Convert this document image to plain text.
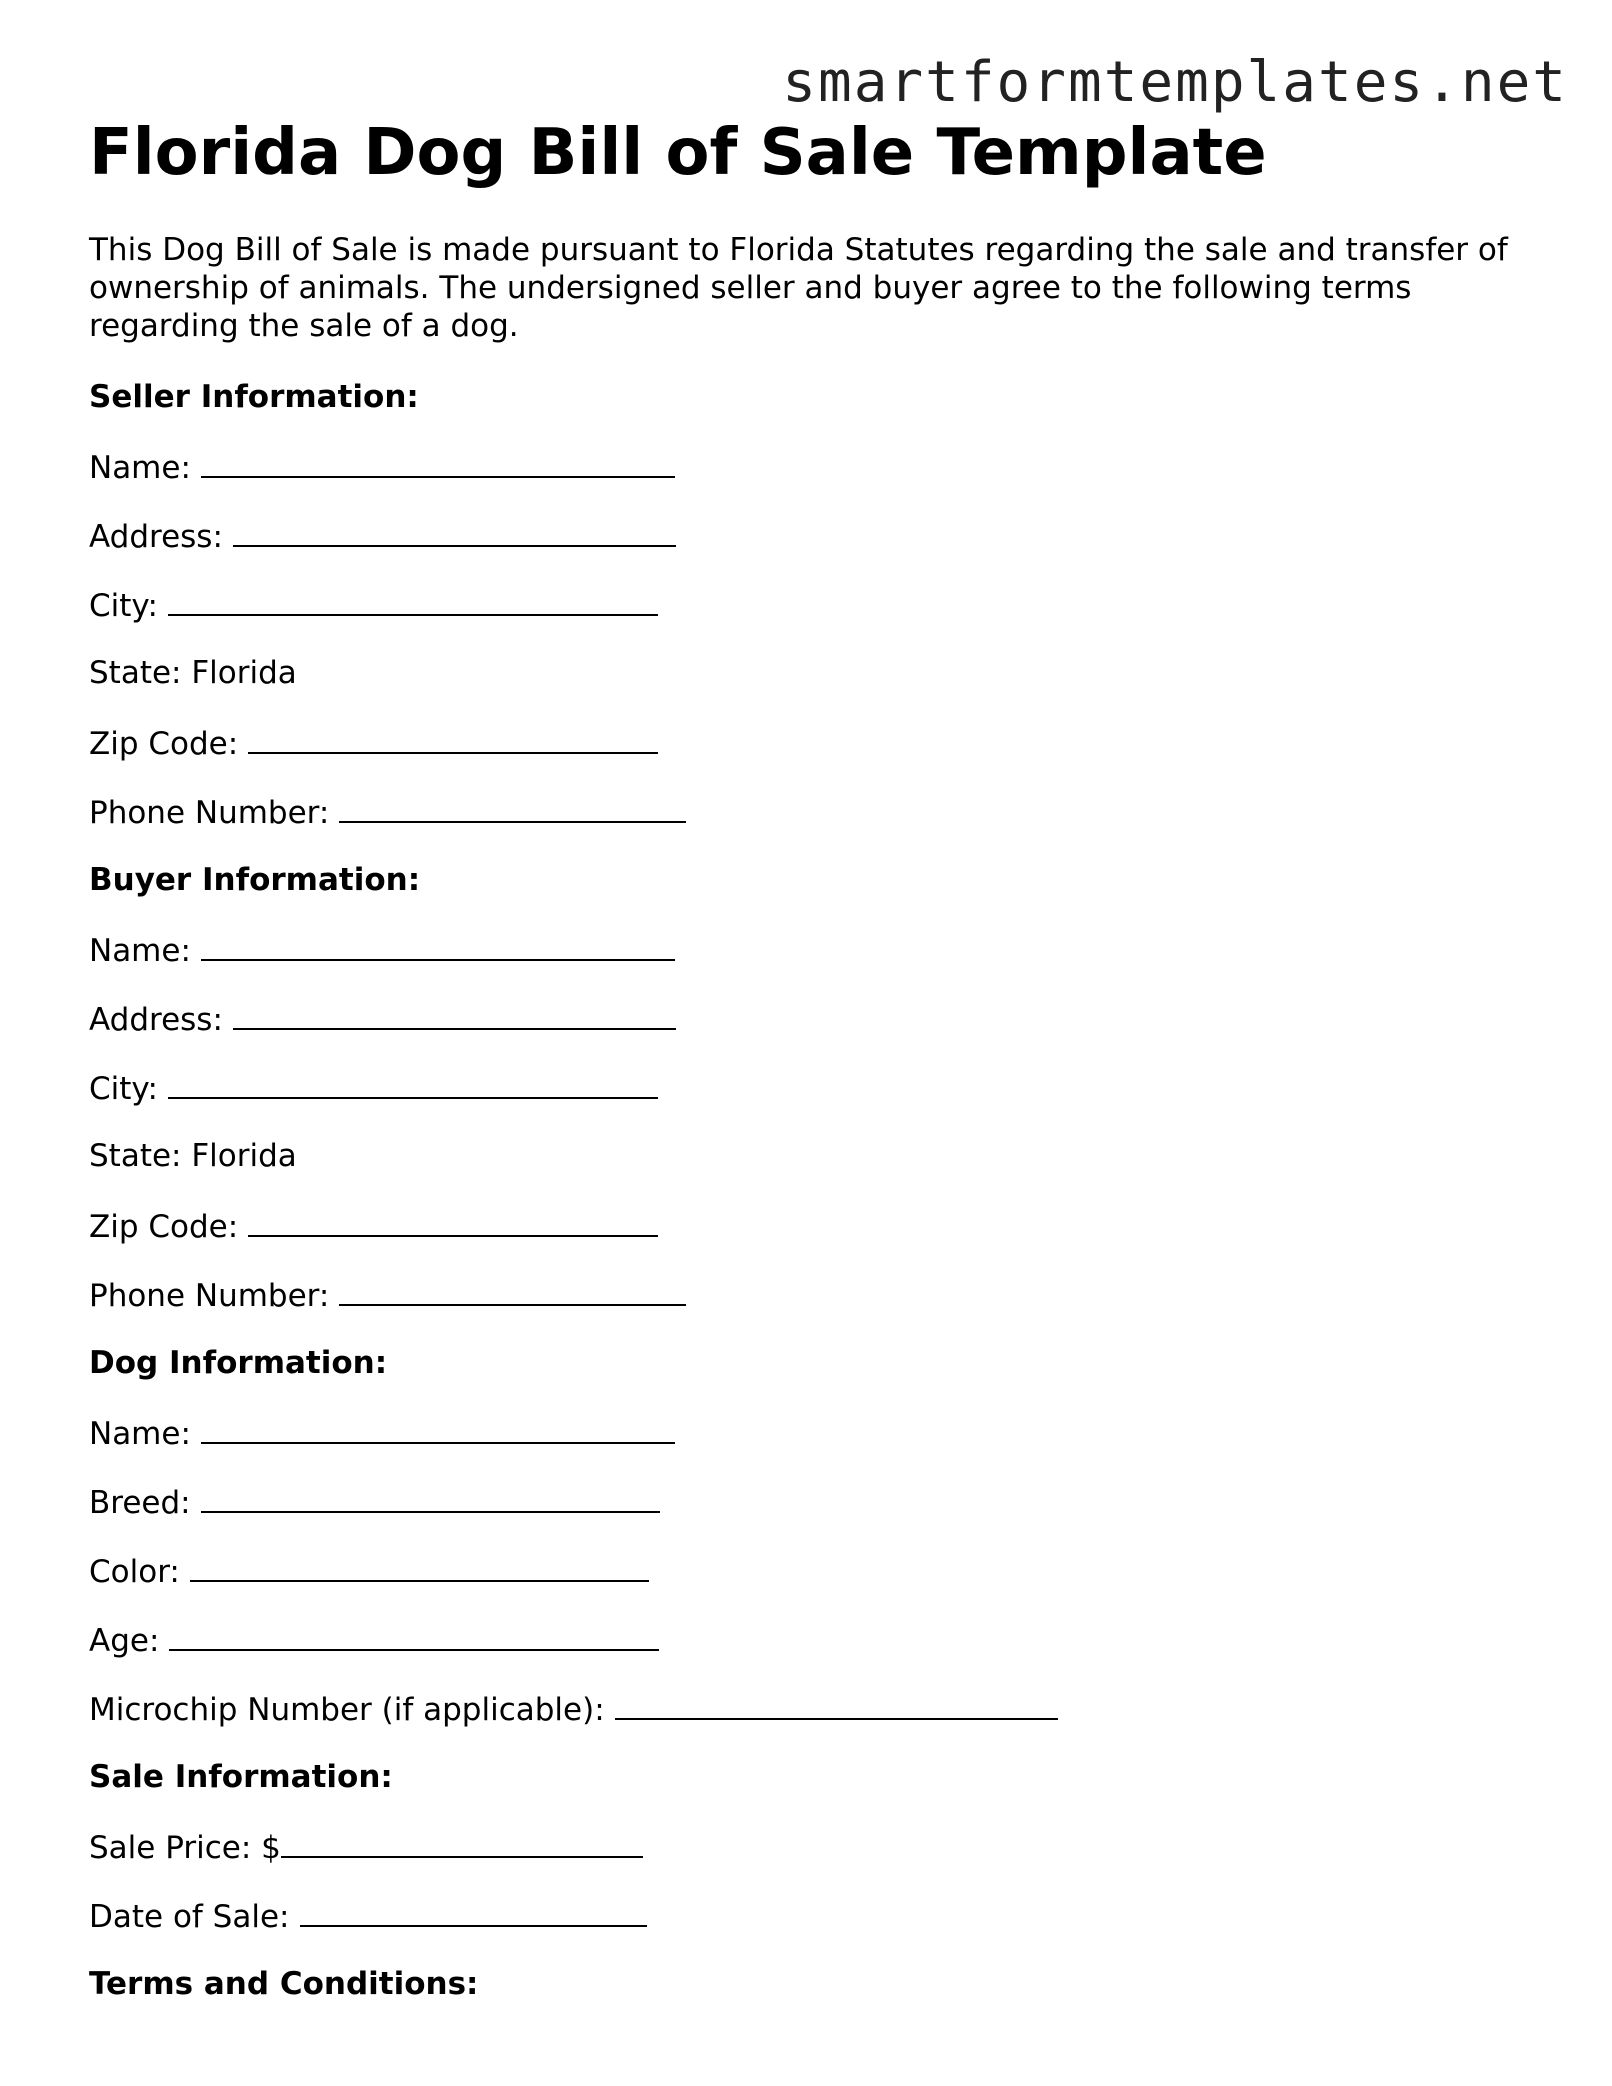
smartformtemplates.net
Florida Dog Bill of Sale Template

This Dog Bill of Sale is made pursuant to Florida Statutes regarding the sale and transfer of ownership of animals. The undersigned seller and buyer agree to the following terms regarding the sale of a dog.

Seller Information:

Name:

Address:

City:

State: Florida

Zip Code:

Phone Number:

Buyer Information:

Name:

Address:

City:

State: Florida

Zip Code:

Phone Number:

Dog Information:

Name:

Breed:

Color:

Age:

Microchip Number (if applicable):

Sale Information:

Sale Price: $

Date of Sale:

Terms and Conditions:
